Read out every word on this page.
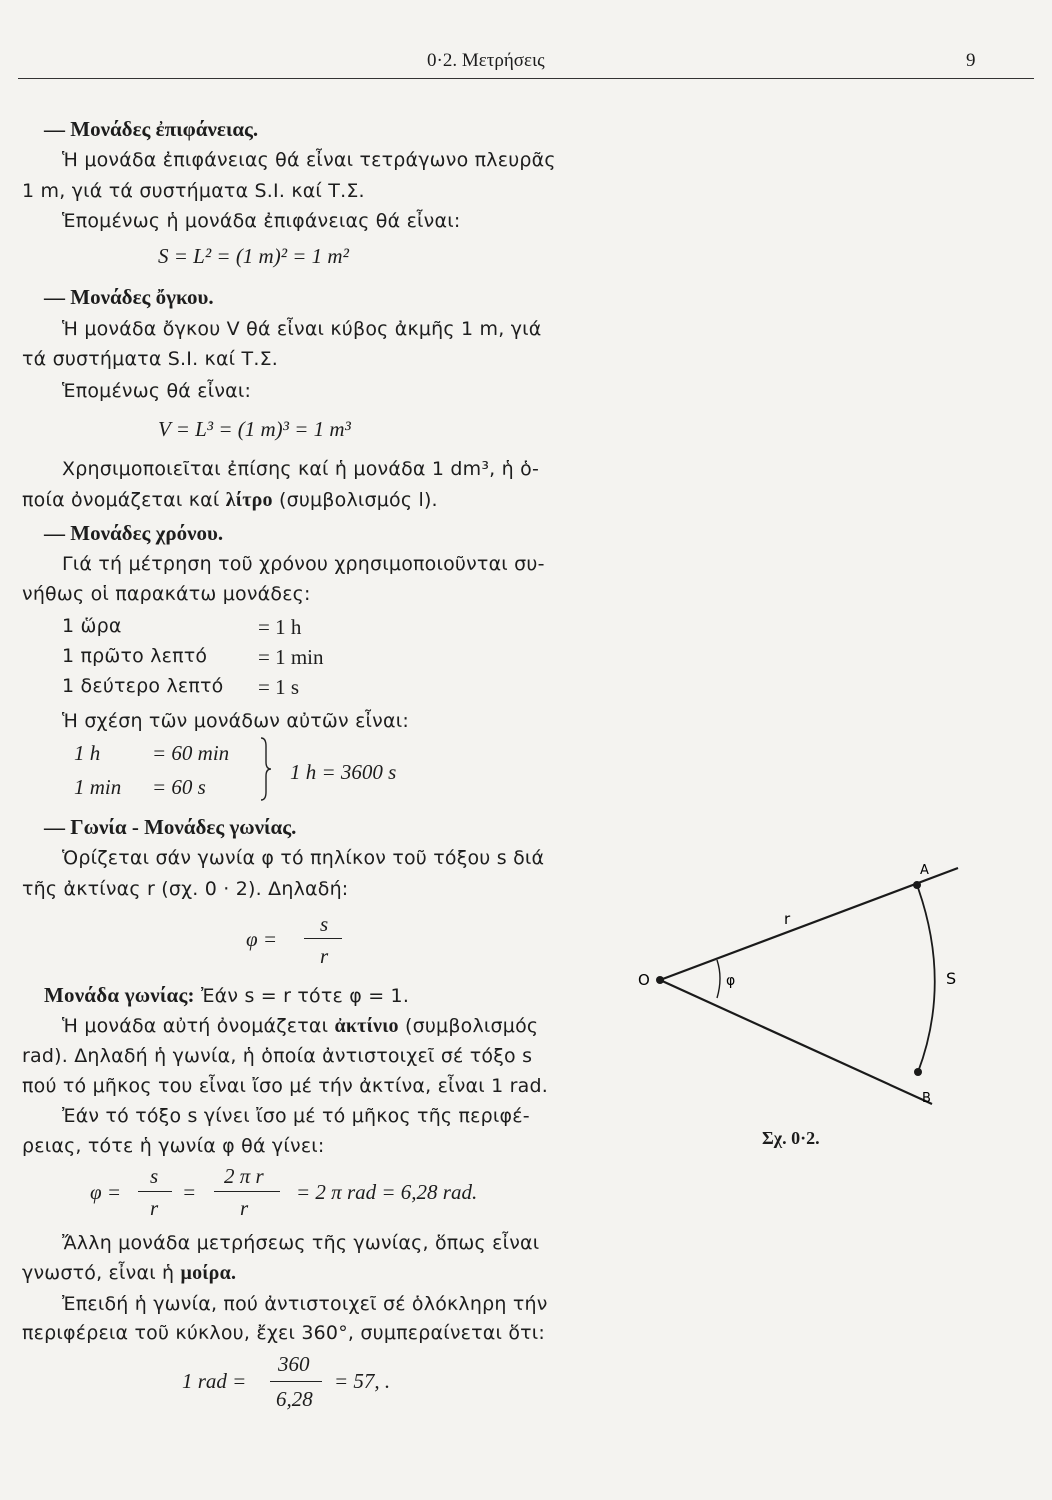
0·2. Μετρήσεις	9
— Μονάδες ἐπιφάνειας.
Ἡ μονάδα ἐπιφάνειας θά εἶναι τετράγωνο πλευρᾶς
1 m, γιά τά συστήματα S.I. καί Τ.Σ.
Ἑπομένως ἡ μονάδα ἐπιφάνειας θά εἶναι:
S = L² = (1 m)² = 1 m²
— Μονάδες ὄγκου.
Ἡ μονάδα ὄγκου V θά εἶναι κύβος ἀκμῆς 1 m, γιά
τά συστήματα S.I. καί Τ.Σ.
Ἑπομένως θά εἶναι:
V = L³ = (1 m)³ = 1 m³
Χρησιμοποιεῖται ἐπίσης καί ἡ μονάδα 1 dm³, ἡ ὁ-
ποία ὀνομάζεται καί λίτρο (συμβολισμός l).
— Μονάδες χρόνου.
Γιά τή μέτρηση τοῦ χρόνου χρησιμοποιοῦνται συ-
νήθως οἱ παρακάτω μονάδες:
1 ὥρα	= 1 h
1 πρῶτο λεπτό = 1 min
1 δεύτερο λεπτό = 1 s
Ἡ σχέση τῶν μονάδων αὐτῶν εἶναι:
1 h = 60 min
1 min = 60 s
1 h = 3600 s
— Γωνία - Μονάδες γωνίας.
Ὁρίζεται σάν γωνία φ τό πηλίκον τοῦ τόξου s διά
τῆς ἀκτίνας r (σχ. 0 · 2). Δηλαδή:
φ =
s
r
Μονάδα γωνίας: Ἐάν s = r τότε φ = 1.
Ἡ μονάδα αὐτή ὀνομάζεται ἀκτίνιο (συμβολισμός
rad). Δηλαδή ἡ γωνία, ἡ ὁποία ἀντιστοιχεῖ σέ τόξο s
πού τό μῆκος του εἶναι ἴσο μέ τήν ἀκτίνα, εἶναι 1 rad.
Ἐάν τό τόξο s γίνει ἴσο μέ τό μῆκος τῆς περιφέ-
ρειας, τότε ἡ γωνία φ θά γίνει:
φ =
s
r
=
2 π r
r
= 2 π rad = 6,28 rad.
Ἄλλη μονάδα μετρήσεως τῆς γωνίας, ὅπως εἶναι
γνωστό, εἶναι ἡ μοίρα.
Ἐπειδή ἡ γωνία, πού ἀντιστοιχεῖ σέ ὁλόκληρη τήν
περιφέρεια τοῦ κύκλου, ἔχει 360°, συμπεραίνεται ὅτι:
1 rad =
360
6,28
= 57, .
O
A
B
r
S
φ
Σχ. 0·2.
